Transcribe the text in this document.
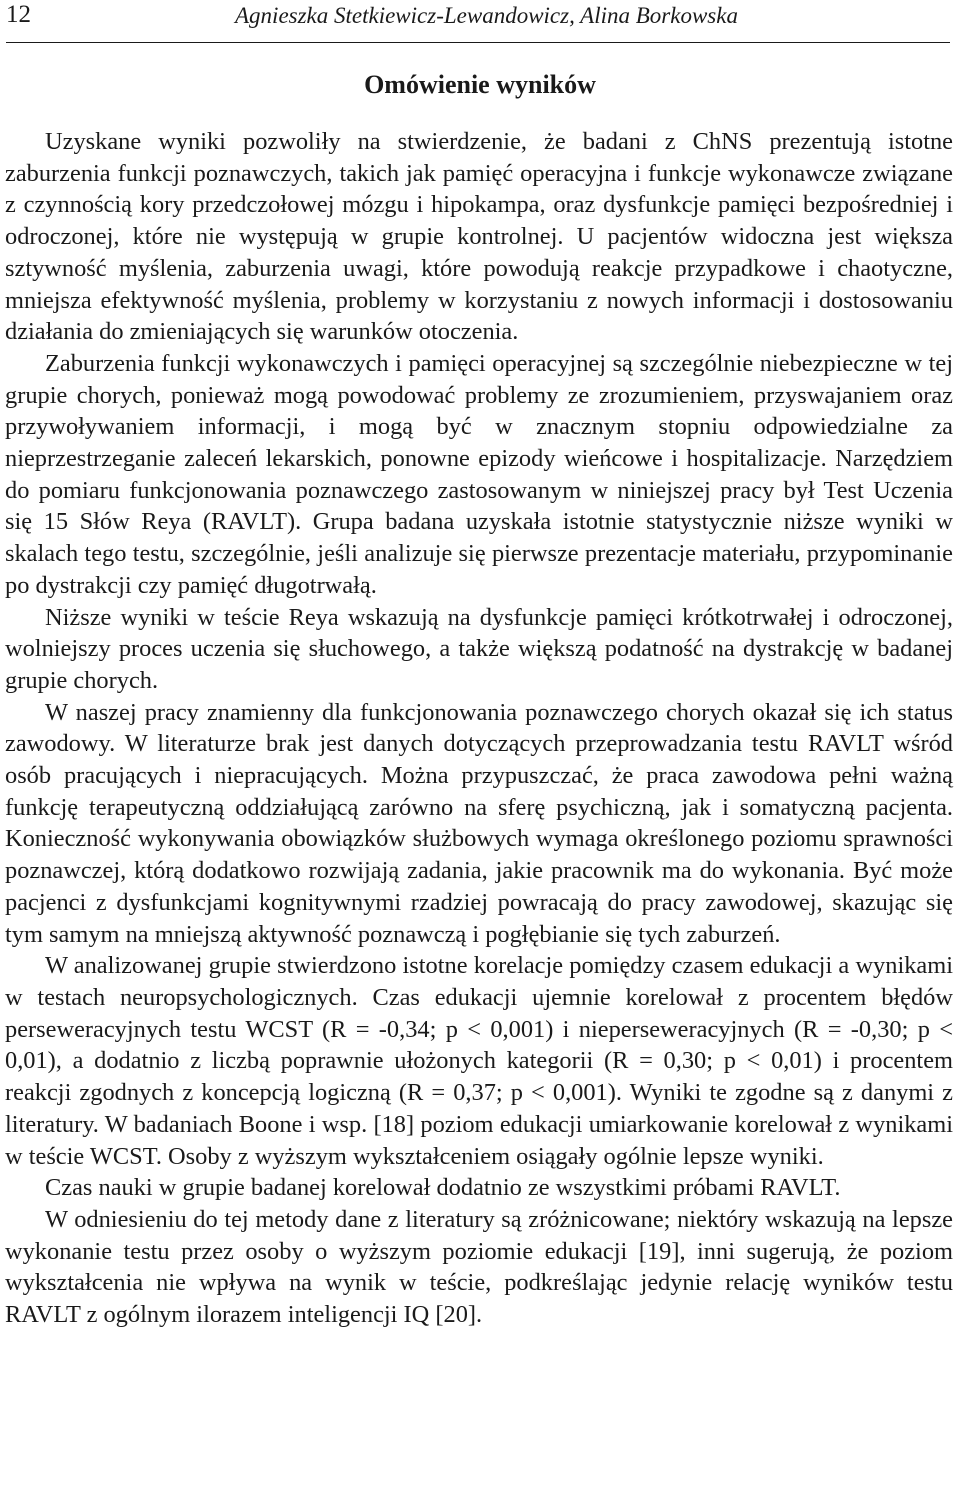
12	Agnieszka Stetkiewicz-Lewandowicz, Alina Borkowska
Omówienie wyników

Uzyskane wyniki pozwoliły na stwierdzenie, że badani z ChNS prezentują istotne zaburzenia funkcji poznawczych, takich jak pamięć operacyjna i funkcje wykonawcze związane z czynnością kory przedczołowej mózgu i hipokampa, oraz dysfunkcje pamięci bezpośredniej i odroczonej, które nie występują w grupie kontrolnej. U pacjentów widoczna jest większa sztywność myślenia, zaburzenia uwagi, które powodują reakcje przypadkowe i chaotyczne, mniejsza efektywność myślenia, problemy w korzystaniu z nowych informacji i dostosowaniu działania do zmieniających się warunków otoczenia.

Zaburzenia funkcji wykonawczych i pamięci operacyjnej są szczególnie niebezpieczne w tej grupie chorych, ponieważ mogą powodować problemy ze zrozumieniem, przyswajaniem oraz przywoływaniem informacji, i mogą być w znacznym stopniu odpowiedzialne za nieprzestrzeganie zaleceń lekarskich, ponowne epizody wieńcowe i hospitalizacje. Narzędziem do pomiaru funkcjonowania poznawczego zastosowanym w niniejszej pracy był Test Uczenia się 15 Słów Reya (RAVLT). Grupa badana uzyskała istotnie statystycznie niższe wyniki w skalach tego testu, szczególnie, jeśli analizuje się pierwsze prezentacje materiału, przypominanie po dystrakcji czy pamięć długotrwałą.

Niższe wyniki w teście Reya wskazują na dysfunkcje pamięci krótkotrwałej i odroczonej, wolniejszy proces uczenia się słuchowego, a także większą podatność na dystrakcję w badanej grupie chorych.

W naszej pracy znamienny dla funkcjonowania poznawczego chorych okazał się ich status zawodowy. W literaturze brak jest danych dotyczących przeprowadzania testu RAVLT wśród osób pracujących i niepracujących. Można przypuszczać, że praca zawodowa pełni ważną funkcję terapeutyczną oddziałującą zarówno na sferę psychiczną, jak i somatyczną pacjenta. Konieczność wykonywania obowiązków służbowych wymaga określonego poziomu sprawności poznawczej, którą dodatkowo rozwijają zadania, jakie pracownik ma do wykonania. Być może pacjenci z dysfunkcjami kognitywnymi rzadziej powracają do pracy zawodowej, skazując się tym samym na mniejszą aktywność poznawczą i pogłębianie się tych zaburzeń.

W analizowanej grupie stwierdzono istotne korelacje pomiędzy czasem edukacji a wynikami w testach neuropsychologicznych. Czas edukacji ujemnie korelował z procentem błędów perseweracyjnych testu WCST (R = -0,34; p < 0,001) i nieperseweracyjnych (R = -0,30; p < 0,01), a dodatnio z liczbą poprawnie ułożonych kategorii (R = 0,30; p < 0,01) i procentem reakcji zgodnych z koncepcją logiczną (R = 0,37; p < 0,001). Wyniki te zgodne są z danymi z literatury. W badaniach Boone i wsp. [18] poziom edukacji umiarkowanie korelował z wynikami w teście WCST. Osoby z wyższym wykształceniem osiągały ogólnie lepsze wyniki.

Czas nauki w grupie badanej korelował dodatnio ze wszystkimi próbami RAVLT.

W odniesieniu do tej metody dane z literatury są zróżnicowane; niektóry wskazują na lepsze wykonanie testu przez osoby o wyższym poziomie edukacji [19], inni sugerują, że poziom wykształcenia nie wpływa na wynik w teście, podkreślając jedynie relację wyników testu RAVLT z ogólnym ilorazem inteligencji IQ [20].
